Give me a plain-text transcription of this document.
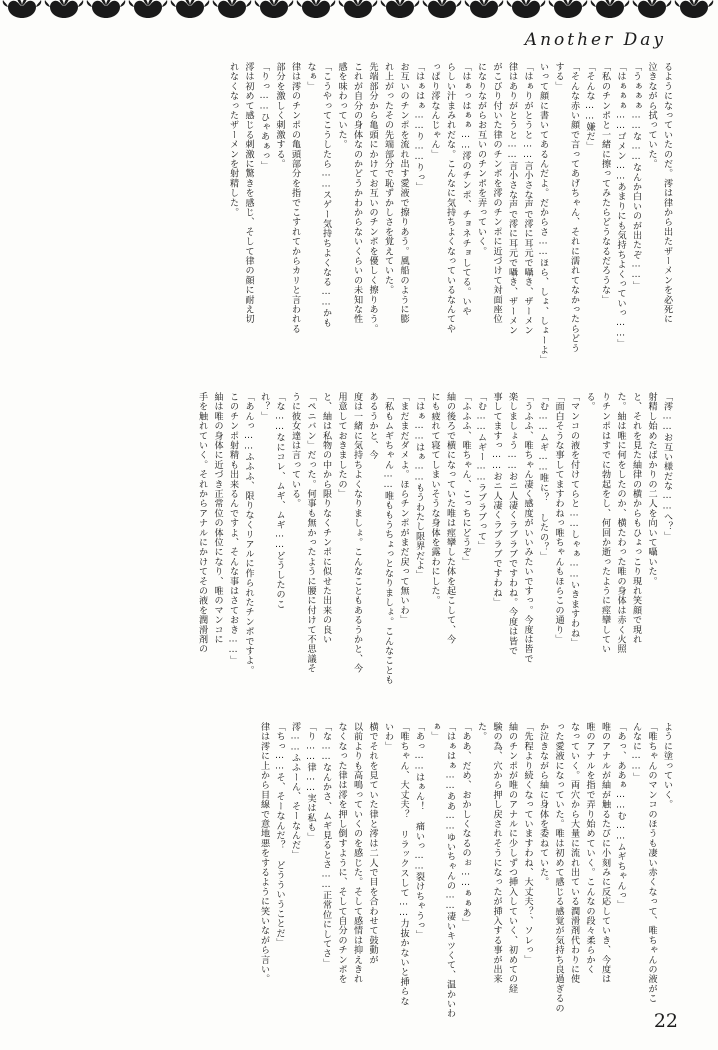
Another Day

るようになっていたのだ。澪は律から出たザーメンを必死に

泣きながら拭っていた。

「うぁぁぁ……な……なんか白いのが出たぞ……」

「はぁぁぁ……ゴメン……あまりにも気持ちよくっていっ……」

「私のチンポと一緒に擦ってみたらどうなるだろうな」

「そんな……嫌だ」

「そんな赤い顔で言ってあげちゃん、それに濡れてなかったらどうする」

いって顔に書いてあるんだよ。だからさ……ほら、しょ、しょーよ」

「はぁりがとうと……言小さな声で澪に耳元で囁き、ザーメン

律はありがとうと……言小さな声で澪に耳元で囁き、ザーメン

がこびり付いた律のチンポを澪のチンポに近づけて対面座位

になりながらお互いのチンポを弄っていく。

「はぁっはぁぁ……澪のチンポ、チョネチョしてる。いや

らしい汁まみれだな。こんなに気持ちよくなっているなんてや

っぱり澪なんじゃん」

「はぁはぁ……り……りっ」

お互いのチンポを流れ出す愛液で擦りあう。風船のように膨

れ上がったその先端部分で恥ずかしさを覚えていた。

先端部分から亀頭にかけてお互いのチンポを優しく擦りあう。

これが自分の身体なのかどうかわからないくらいの未知な性

感を味わっていた。

「こうやってこうしたら……スゲー気持ちよくなる……かも

なぁ」

律は澪のチンポの亀頭部分を指でこすれてからカリと言われる

部分を激しく刺激する。

「りっ……ひゃあぁっ」

澪は初めて感じる刺激に驚きを感じ、そして律の顔に耐え切

れなくなったザーメンを射精した。

「澪……お互い様だな……へ？」

射精し始めたばかりの二人を向いて囁いた。

と、それを見た紬律の横からもひょっこり現れ笑顔で現れ

た。紬は唯に何をしたのか、横たわった唯の身体は赤く火照

りチンポはすでに勃起をし、何回か逝ったように痙攣してい

る。

「マンコの液を付けてらと……しゃぁ……いきますわね」

「面白そうな事してますわねっ唯ちゃんもほらこの通り」

「む……ムギ……唯に？ したの？」

「うふふ、唯ちゃん凄く感度がいいみたいですっ。今度は皆で

楽しましょう……おニ人凄くラブラブですわね。今度は皆で

事してますっ……おニ人凄くラブラブですわね」

「む……ムギー……ラブラブって」

「ふふふ、唯ちゃん、こっちにどうぞ」

紬の後ろで横になっていた唯は痙攣した体を起こして、今

にも疲れて寝てしまいそうな身体を露わにした。

「はぁ……はぁ……もうわたし限界だよ」

「まだまだダメよ。ほらチンポがまだ戻って無いわ」

「私もムギちゃん……唯ももうちょっとなりましょ。こんなこともあるうかと、今

度は一緒に気持ちよくなりましょ。こんなこともあるうかと、今

用意しておきましたの」

と、紬は私物の中から限りなくチンポに似せた出来の良い

「ペニバン」だった。何事も無かったように腰に付けて不思議そ

うに彼女達は言っている。

「な……なにコレ、ムギ、ムギ……どうしたのこ

れ？」

「あんっ……ふふふ、限りなくリアルに作られたチンポですよ。

このチンポ射精も出来るんですよ、そんな事はさておき……」

紬は唯の身体に近づき正常位の体位になり、唯のマンコに

手を触れていく。それからアナルにかけてその液を潤滑剤の

ように塗っていく。

「唯ちゃんのマンコのほうも凄い赤くなって、唯ちゃんの液がこ

んなに……」

「あっ、ああぁ……む……ムギちゃんっ」

唯のアナルが紬が触るたびに小刻みに反応していき、今度は

唯のアナルを指で弄り始めていく。こんなの段々柔らかく

なっていく。両穴から大量に流れ出ている潤滑剤代わりに使

った愛液になっていた。唯は初めて感じる感覚が気持ち良過ぎるの

か泣きながら紬に身体を委ねていた。

「先程より続くなっていますわね、大丈夫？、ソレっ」

紬のチンポが唯のアナルに少しずつ挿入していく、初めての経

験の為、穴から押し戻されそうになったが挿入する事が出来

た。

「ああ、だめ、おかしくなるのぉ……ぁぁあ」

「はぁはぁ……ああ……ゆいちゃんの……凄いキツくて、温かいわぁ」

「あっ……はぁん！ 痛いっ……裂けちゃうっ」

「唯ちゃん、大丈夫？ リラックスして……力抜かないと挿らな

いわ」

横でそれを見ていた律と澪は二人で目を合わせて鼓動が

以前よりも高鳴っていくのを感じた。そして感情は抑えきれ

なくなった律は澪を押し倒すように、そして自分のチンポを

「な……なんかさ、ムギ見るとさ……正常位にしてさ」

「り……律……実は私も」

澪……ふふーん、そーなんだ」

「ちっ……そ、そーなんだ？ どうういうことだ」

律は澪に上から目線で意地悪をするように笑いながら言い。

22
